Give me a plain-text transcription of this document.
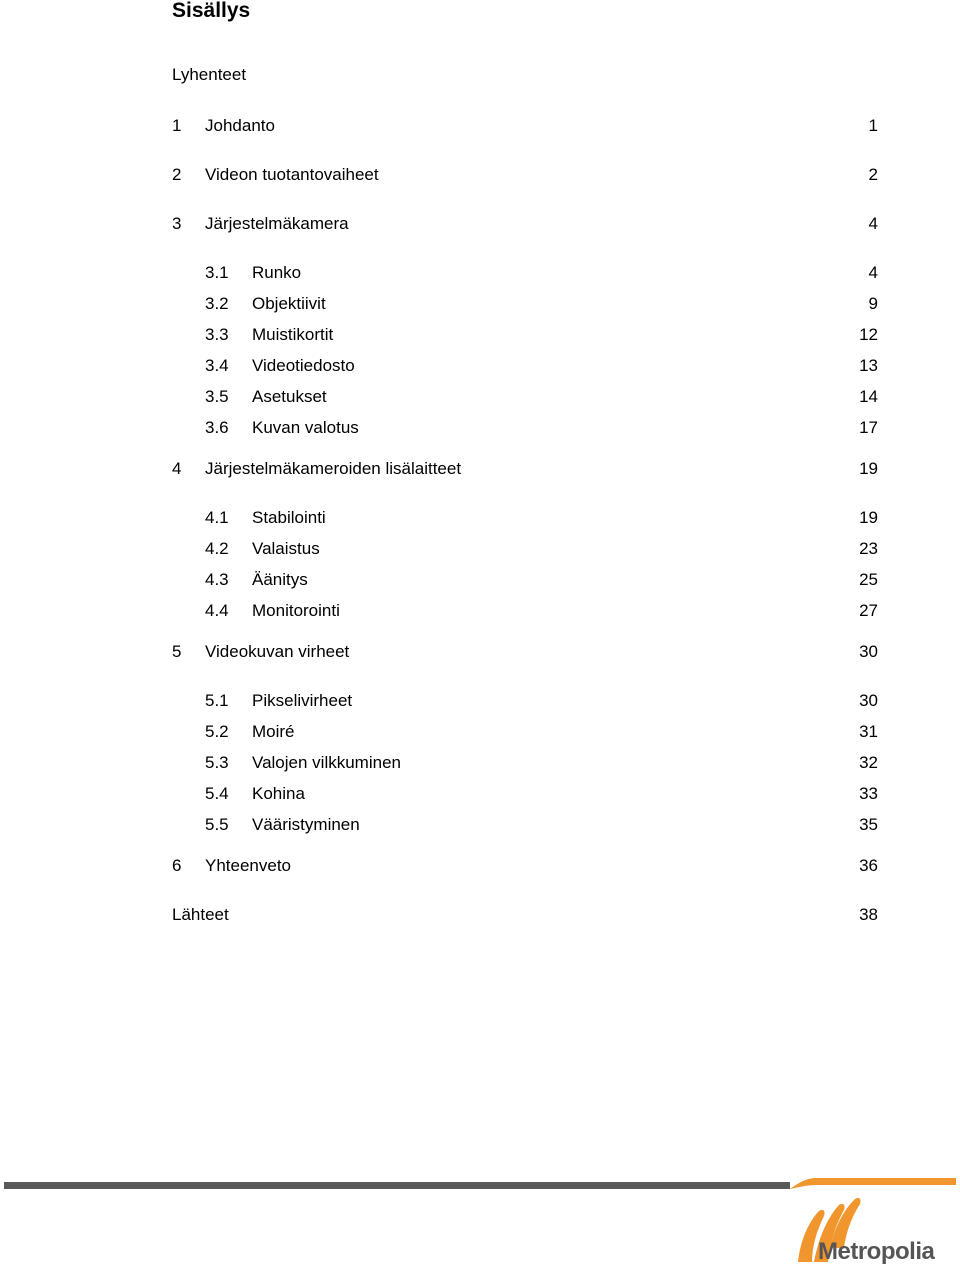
Sisällys
Lyhenteet
1 Johdanto	1
2 Videon tuotantovaiheet	2
3 Järjestelmäkamera	4
3.1 Runko	4
3.2 Objektiivit	9
3.3 Muistikortit	12
3.4 Videotiedosto	13
3.5 Asetukset	14
3.6 Kuvan valotus	17
4 Järjestelmäkameroiden lisälaitteet	19
4.1 Stabilointi	19
4.2 Valaistus	23
4.3 Äänitys	25
4.4 Monitorointi	27
5 Videokuvan virheet	30
5.1 Pikselivirheet	30
5.2 Moiré	31
5.3 Valojen vilkkuminen	32
5.4 Kohina	33
5.5 Vääristyminen	35
6 Yhteenveto	36
Lähteet	38
Metropolia
